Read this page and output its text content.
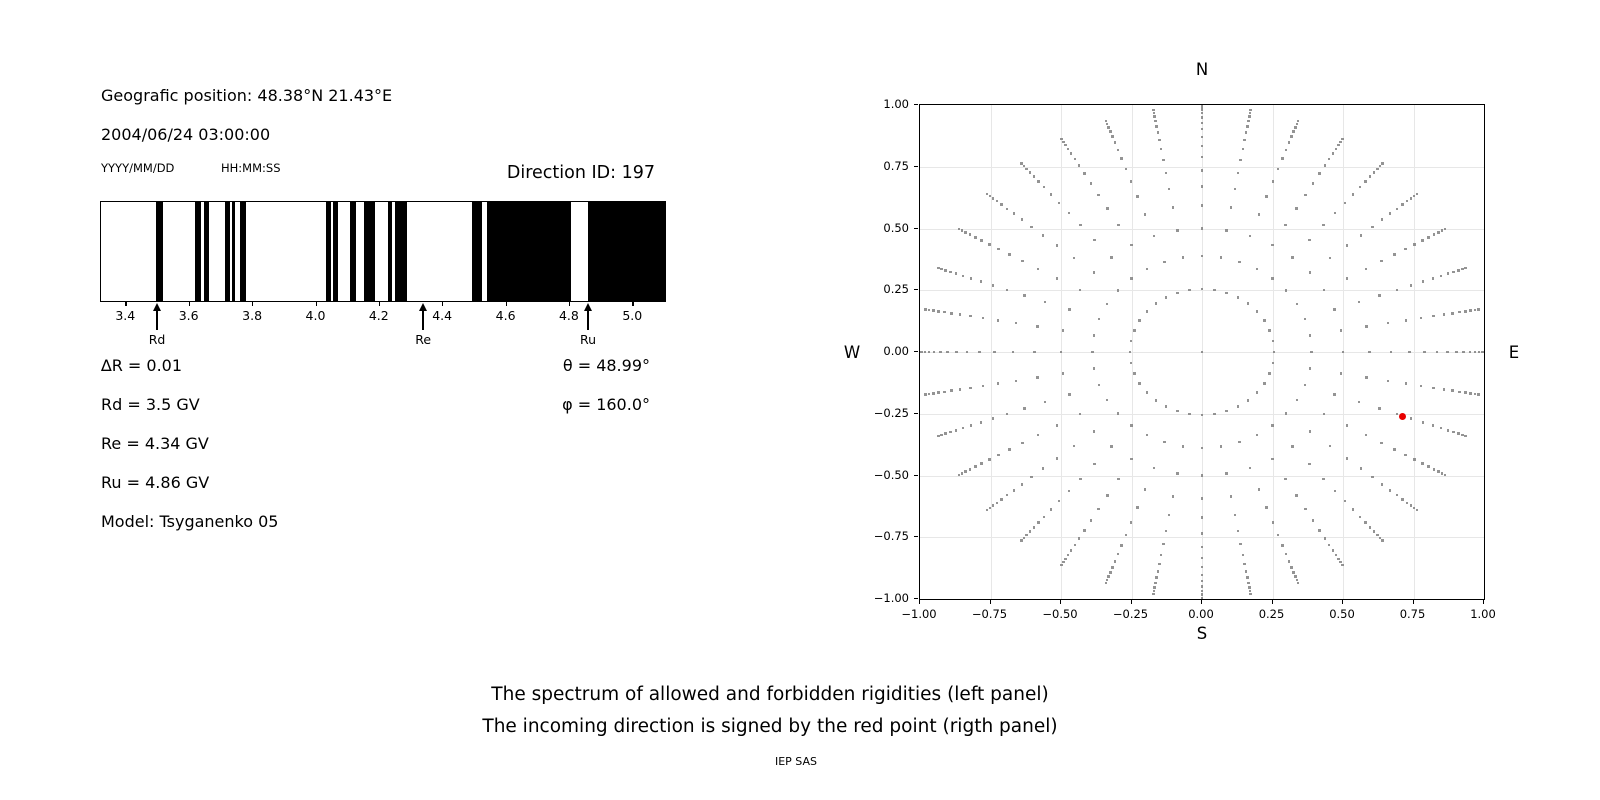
Geografic position: 48.38°N 21.43°E
2004/06/24 03:00:00
YYYY/MM/DD	HH:MM:SS	Direction ID: 197
3.4	3.6	3.8	4.0	4.2	4.4	4.6	4.8	5.0
Rd	Re	Ru
∆R = 0.01
Rd = 3.5 GV
Re = 4.34 GV
Ru = 4.86 GV
Model: Tsyganenko 05
θ = 48.99°
φ = 160.0°
N
−1.00
1.00
−0.75
0.75
−0.50
0.50
−0.25
0.25
0.00
0.00
0.25
−0.25
0.50
−0.50
0.75
−0.75
1.00
−1.00
S
W	E
The spectrum of allowed and forbidden rigidities (left panel)
The incoming direction is signed by the red point (rigth panel)
IEP SAS
